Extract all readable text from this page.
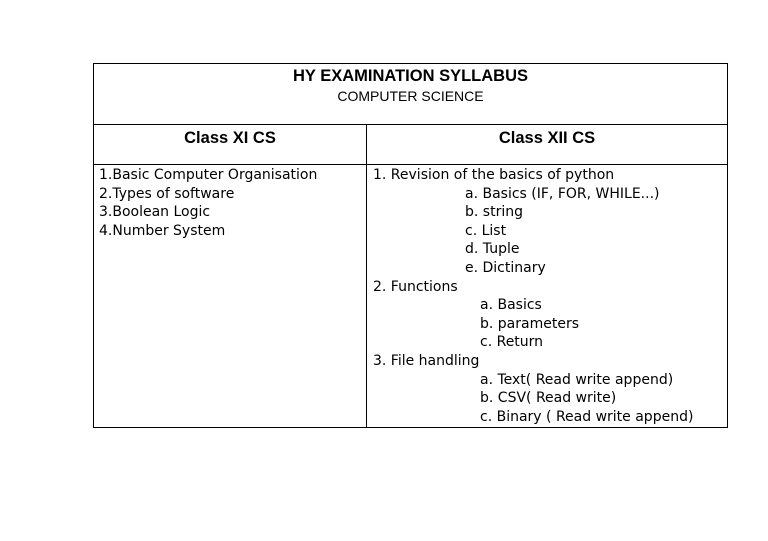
HY EXAMINATION SYLLABUS
COMPUTER SCIENCE
Class XI CS	Class XII CS
1.Basic Computer Organisation
2.Types of software
3.Boolean Logic
4.Number System
1. Revision of the basics of python
a. Basics (IF, FOR, WHILE...)
b. string
c. List
d. Tuple
e. Dictinary
2. Functions
a. Basics
b. parameters
c. Return
3. File handling
a. Text( Read write append)
b. CSV( Read write)
c. Binary ( Read write append)
